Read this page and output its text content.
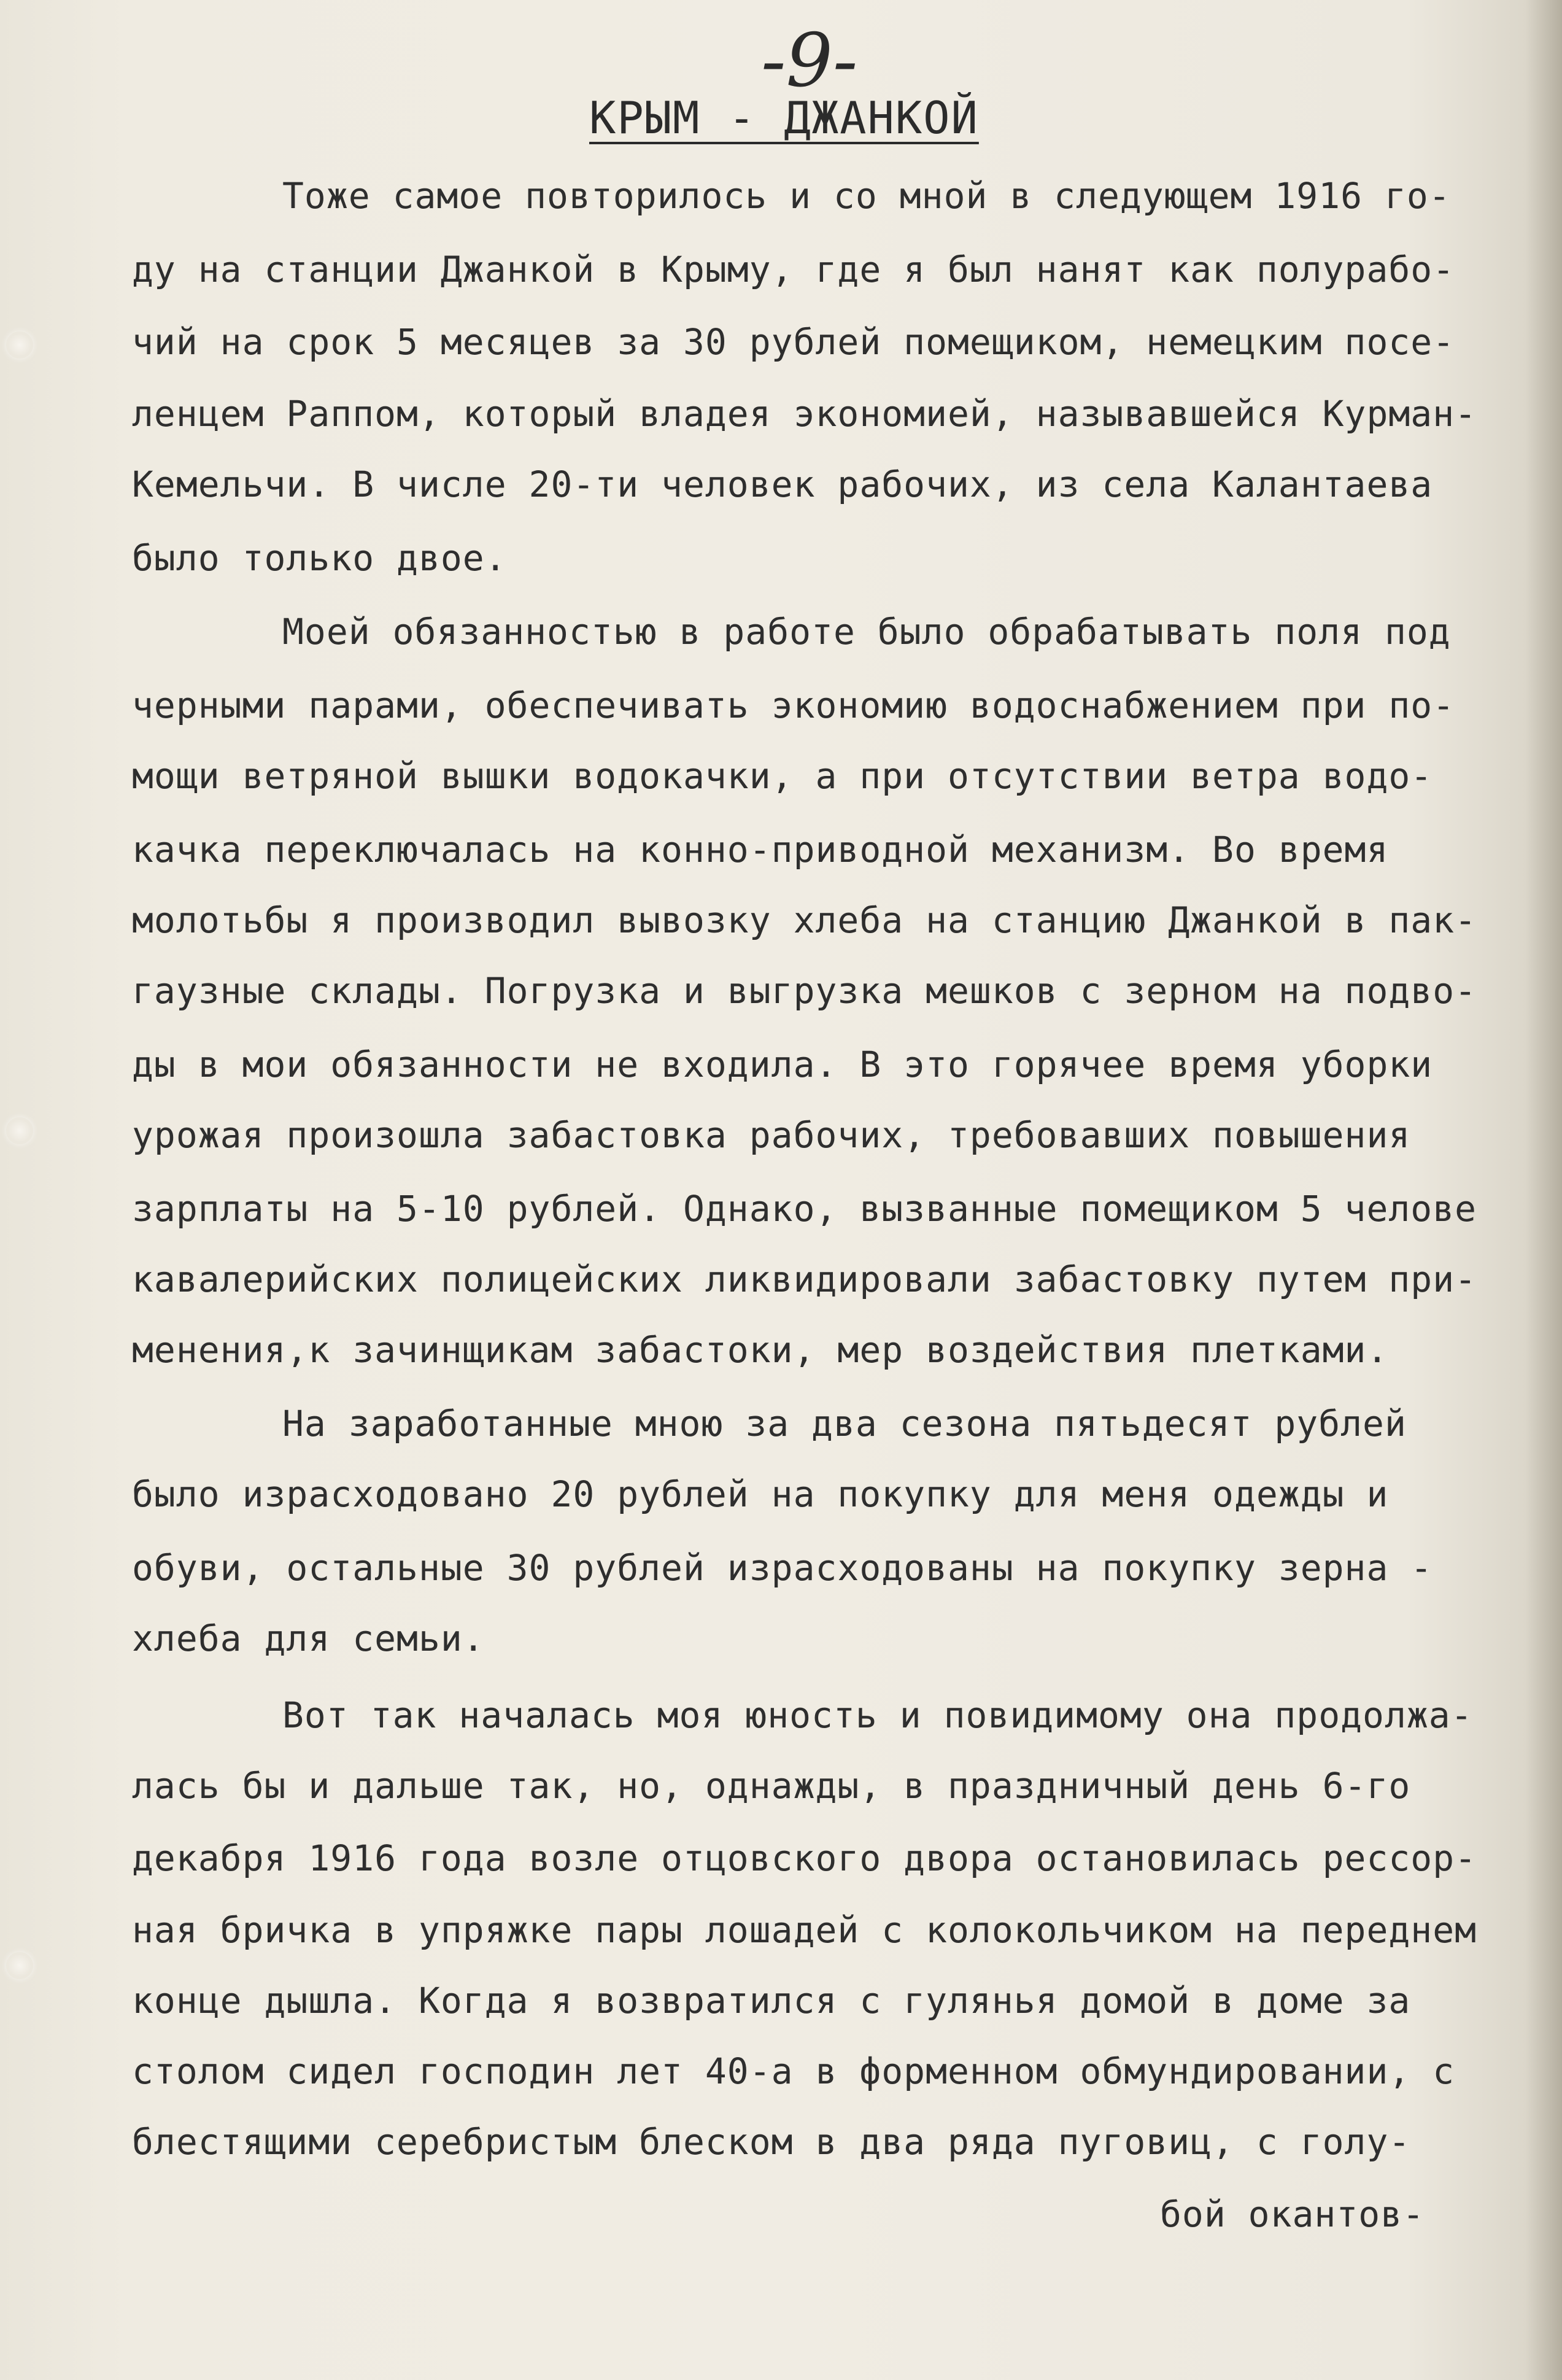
-9-
КРЫМ - ДЖАНКОЙ
Тоже самое повторилось и со мной в следующем 1916 го-
ду на станции Джанкой в Крыму, где я был нанят как полурабо-
чий на срок 5 месяцев за 30 рублей помещиком, немецким посе-
ленцем Раппом, который владея экономией, называвшейся Курман-
Кемельчи. В числе 20-ти человек рабочих, из села Калантаева
было только двое.
Моей обязанностью в работе было обрабатывать поля под
черными парами, обеспечивать экономию водоснабжением при по-
мощи ветряной вышки водокачки, а при отсутствии ветра водо-
качка переключалась на конно-приводной механизм. Во время
молотьбы я производил вывозку хлеба на станцию Джанкой в пак-
гаузные склады. Погрузка и выгрузка мешков с зерном на подво-
ды в мои обязанности не входила. В это горячее время уборки
урожая произошла забастовка рабочих, требовавших повышения
зарплаты на 5-10 рублей. Однако, вызванные помещиком 5 челове
кавалерийских полицейских ликвидировали забастовку путем при-
менения,к зачинщикам забастоки, мер воздействия плетками.
На заработанные мною за два сезона пятьдесят рублей
было израсходовано 20 рублей на покупку для меня одежды и
обуви, остальные 30 рублей израсходованы на покупку зерна -
хлеба для семьи.
Вот так началась моя юность и повидимому она продолжа-
лась бы и дальше так, но, однажды, в праздничный день 6-го
декабря 1916 года возле отцовского двора остановилась рессор-
ная бричка в упряжке пары лошадей с колокольчиком на переднем
конце дышла. Когда я возвратился с гулянья домой в доме за
столом сидел господин лет 40-а в форменном обмундировании, с
блестящими серебристым блеском в два ряда пуговиц, с голу-
бой окантов-
